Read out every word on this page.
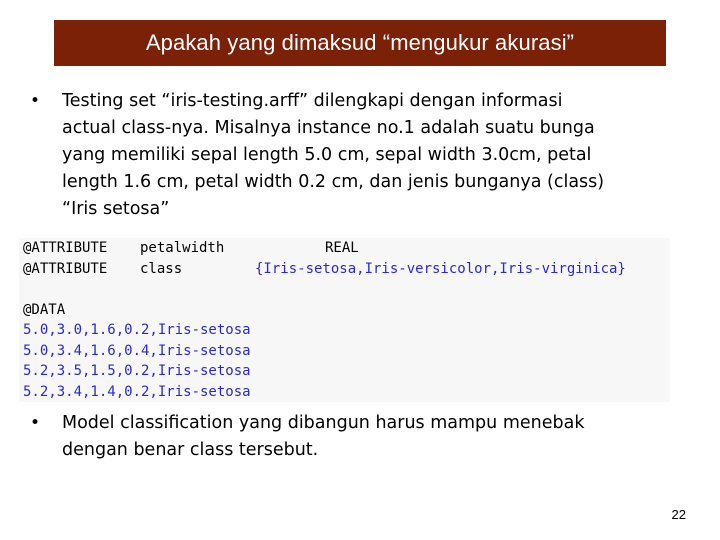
Apakah yang dimaksud “mengukur akurasi”
•	Testing set “iris-testing.arff” dilengkapi dengan informasi
actual class-nya. Misalnya instance no.1 adalah suatu bunga
yang memiliki sepal length 5.0 cm, sepal width 3.0cm, petal
length 1.6 cm, petal width 0.2 cm, dan jenis bunganya (class)
“Iris setosa”
@ATTRIBUTE petalwidth	REAL
@ATTRIBUTE class	{Iris-setosa,Iris-versicolor,Iris-virginica}
@DATA
5.0,3.0,1.6,0.2,Iris-setosa
5.0,3.4,1.6,0.4,Iris-setosa
5.2,3.5,1.5,0.2,Iris-setosa
5.2,3.4,1.4,0.2,Iris-setosa
•	Model classification yang dibangun harus mampu menebak
dengan benar class tersebut.
22
